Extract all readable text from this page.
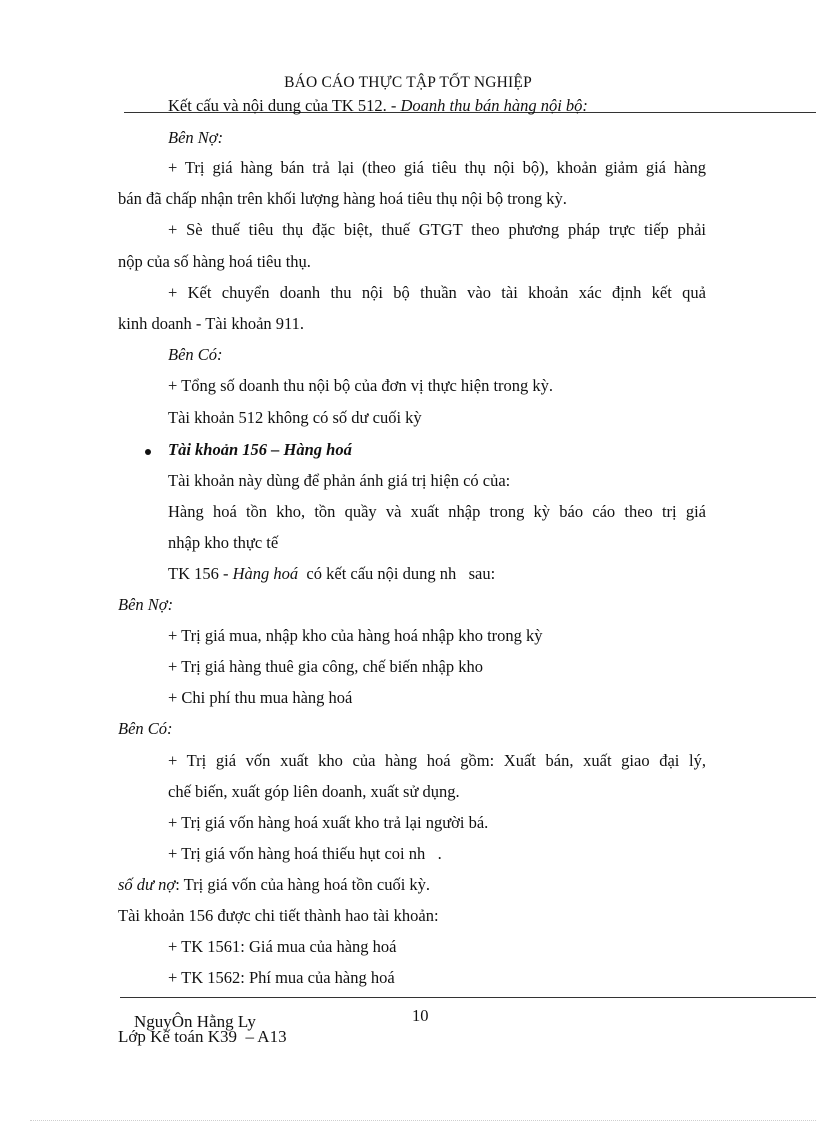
BÁO CÁO THỰC TẬP TỐT NGHIỆP
Kết cấu và nội dung của TK 512. - Doanh thu bán hàng nội bộ:
Bên Nợ:
+ Trị giá hàng bán trả lại (theo giá tiêu thụ nội bộ), khoản giảm giá hàng
bán đã chấp nhận trên khối lượng hàng hoá tiêu thụ nội bộ trong kỳ.
+ Sè thuế tiêu thụ đặc biệt, thuế GTGT theo phương pháp trực tiếp phải
nộp của số hàng hoá tiêu thụ.
+ Kết chuyển doanh thu nội bộ thuần vào tài khoản xác định kết quả
kinh doanh - Tài khoản 911.
Bên Có:
+ Tổng số doanh thu nội bộ của đơn vị thực hiện trong kỳ.
Tài khoản 512 không có số dư cuối kỳ
Tài khoản 156 – Hàng hoá
Tài khoản này dùng để phản ánh giá trị hiện có của:
Hàng hoá tồn kho, tồn quầy và xuất nhập trong kỳ báo cáo theo trị giá
nhập kho thực tế
TK 156 - Hàng hoá  có kết cấu nội dung nh   sau:
Bên Nợ:
+ Trị giá mua, nhập kho của hàng hoá nhập kho trong kỳ
+ Trị giá hàng thuê gia công, chế biến nhập kho
+ Chi phí thu mua hàng hoá
Bên Có:
+ Trị giá vốn xuất kho của hàng hoá gồm: Xuất bán, xuất giao đại lý,
chế biến, xuất góp liên doanh, xuất sử dụng.
+ Trị giá vốn hàng hoá xuất kho trả lại người bá.
+ Trị giá vốn hàng hoá thiếu hụt coi nh   .
số dư nợ: Trị giá vốn của hàng hoá tồn cuối kỳ.
Tài khoản 156 được chi tiết thành hao tài khoản:
+ TK 1561: Giá mua của hàng hoá
+ TK 1562: Phí mua của hàng hoá
10
NguyÔn Hằng Ly
Lớp Kế toán K39  – A13
